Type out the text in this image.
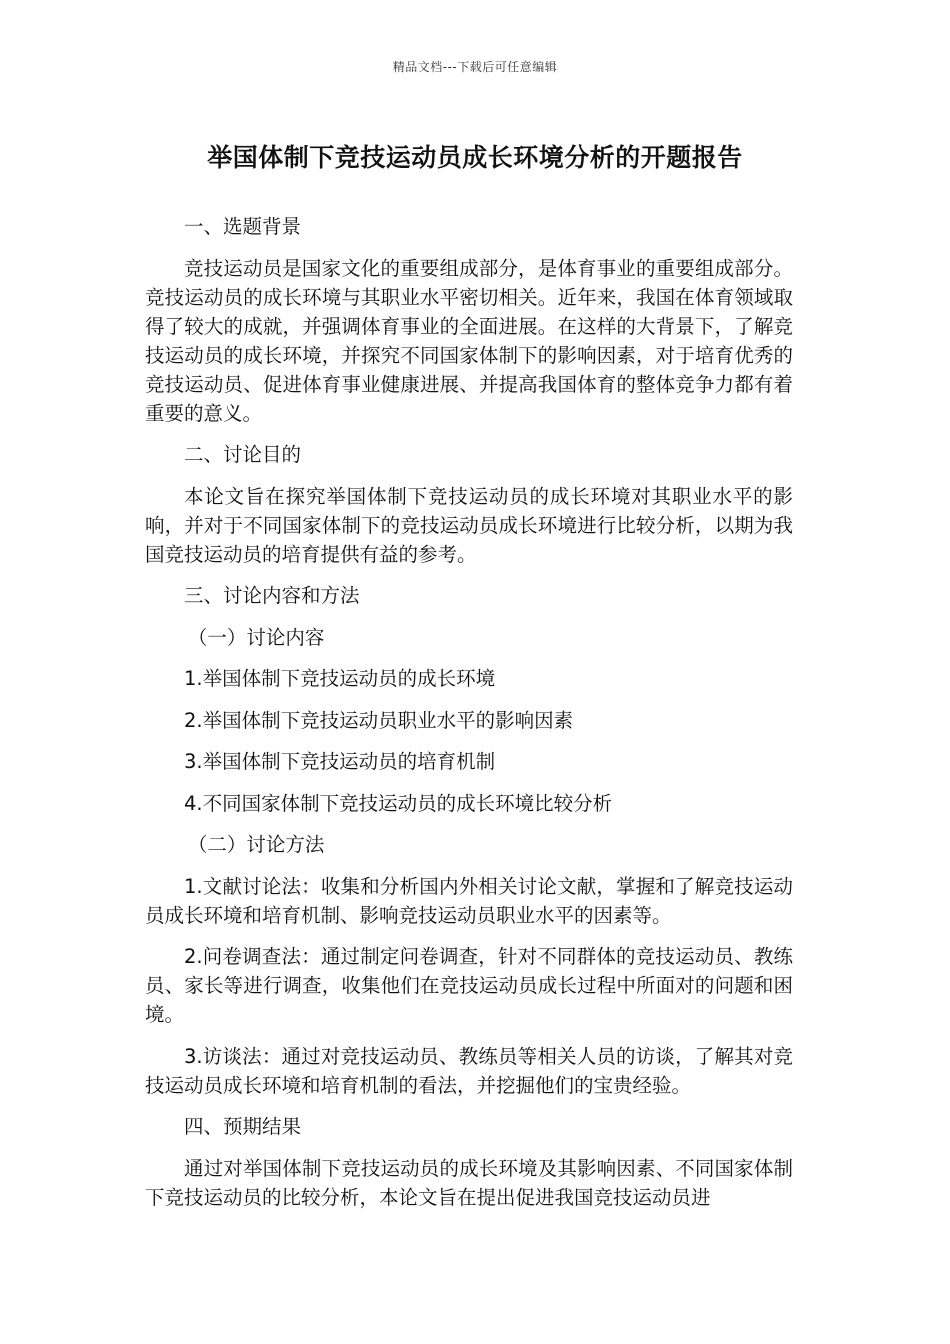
精品文档---下载后可任意编辑
举国体制下竞技运动员成长环境分析的开题报告

一、选题背景

竞技运动员是国家文化的重要组成部分，是体育事业的重要组成部分。竞技运动员的成长环境与其职业水平密切相关。近年来，我国在体育领域取得了较大的成就，并强调体育事业的全面进展。在这样的大背景下，了解竞技运动员的成长环境，并探究不同国家体制下的影响因素，对于培育优秀的竞技运动员、促进体育事业健康进展、并提高我国体育的整体竞争力都有着重要的意义。

二、讨论目的

本论文旨在探究举国体制下竞技运动员的成长环境对其职业水平的影响，并对于不同国家体制下的竞技运动员成长环境进行比较分析，以期为我国竞技运动员的培育提供有益的参考。

三、讨论内容和方法

（一）讨论内容

1.举国体制下竞技运动员的成长环境

2.举国体制下竞技运动员职业水平的影响因素

3.举国体制下竞技运动员的培育机制

4.不同国家体制下竞技运动员的成长环境比较分析

（二）讨论方法

1.文献讨论法：收集和分析国内外相关讨论文献，掌握和了解竞技运动员成长环境和培育机制、影响竞技运动员职业水平的因素等。

2.问卷调查法：通过制定问卷调查，针对不同群体的竞技运动员、教练员、家长等进行调查，收集他们在竞技运动员成长过程中所面对的问题和困境。

3.访谈法：通过对竞技运动员、教练员等相关人员的访谈，了解其对竞技运动员成长环境和培育机制的看法，并挖掘他们的宝贵经验。

四、预期结果

通过对举国体制下竞技运动员的成长环境及其影响因素、不同国家体制下竞技运动员的比较分析，本论文旨在提出促进我国竞技运动员进
